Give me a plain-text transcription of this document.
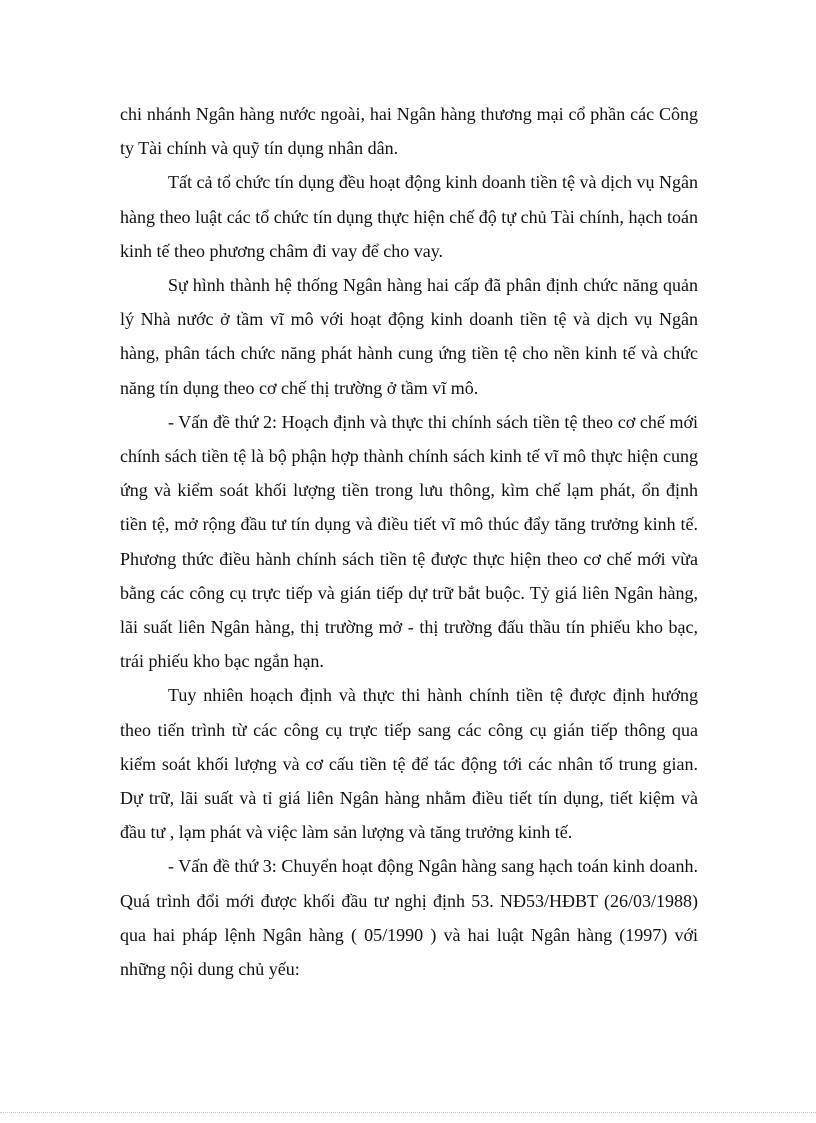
chi nhánh Ngân hàng nước ngoài, hai Ngân hàng thương mại cổ phần các Công ty Tài chính và quỹ tín dụng nhân dân.

Tất cả tổ chức tín dụng đều hoạt động kinh doanh tiền tệ và dịch vụ Ngân hàng theo luật các tổ chức tín dụng thực hiện chế độ tự chủ Tài chính, hạch toán kinh tế theo phương châm đi vay để cho vay.

Sự hình thành hệ thống Ngân hàng hai cấp đã phân định chức năng quản lý Nhà nước ở tầm vĩ mô với hoạt động kinh doanh tiền tệ và dịch vụ Ngân hàng, phân tách chức năng phát hành cung ứng tiền tệ cho nền kinh tế và chức năng tín dụng theo cơ chế thị trường ở tầm vĩ mô.

- Vấn đề thứ 2: Hoạch định và thực thi chính sách tiền tệ theo cơ chế mới chính sách tiền tệ là bộ phận hợp thành chính sách kinh tế vĩ mô thực hiện cung ứng và kiểm soát khối lượng tiền trong lưu thông, kìm chế lạm phát, ổn định tiền tệ, mở rộng đầu tư tín dụng và điều tiết vĩ mô thúc đẩy tăng trưởng kinh tế. Phương thức điều hành chính sách tiền tệ được thực hiện theo cơ chế mới vừa bằng các công cụ trực tiếp và gián tiếp dự trữ bắt buộc. Tỷ giá liên Ngân hàng, lãi suất liên Ngân hàng, thị trường mở - thị trường đấu thầu tín phiếu kho bạc, trái phiếu kho bạc ngắn hạn.

Tuy nhiên hoạch định và thực thi hành chính tiền tệ được định hướng theo tiến trình từ các công cụ trực tiếp sang các công cụ gián tiếp thông qua kiểm soát khối lượng và cơ cấu tiền tệ để tác động tới các nhân tố trung gian. Dự trữ, lãi suất và tỉ giá liên Ngân hàng nhằm điều tiết tín dụng, tiết kiệm và đầu tư , lạm phát và việc làm sản lượng và tăng trưởng kinh tế.

- Vấn đề thứ 3: Chuyển hoạt động Ngân hàng sang hạch toán kinh doanh. Quá trình đổi mới được khối đầu tư nghị định 53. NĐ53/HĐBT (26/03/1988) qua hai pháp lệnh Ngân hàng ( 05/1990 ) và hai luật Ngân hàng (1997) với những nội dung chủ yếu:
